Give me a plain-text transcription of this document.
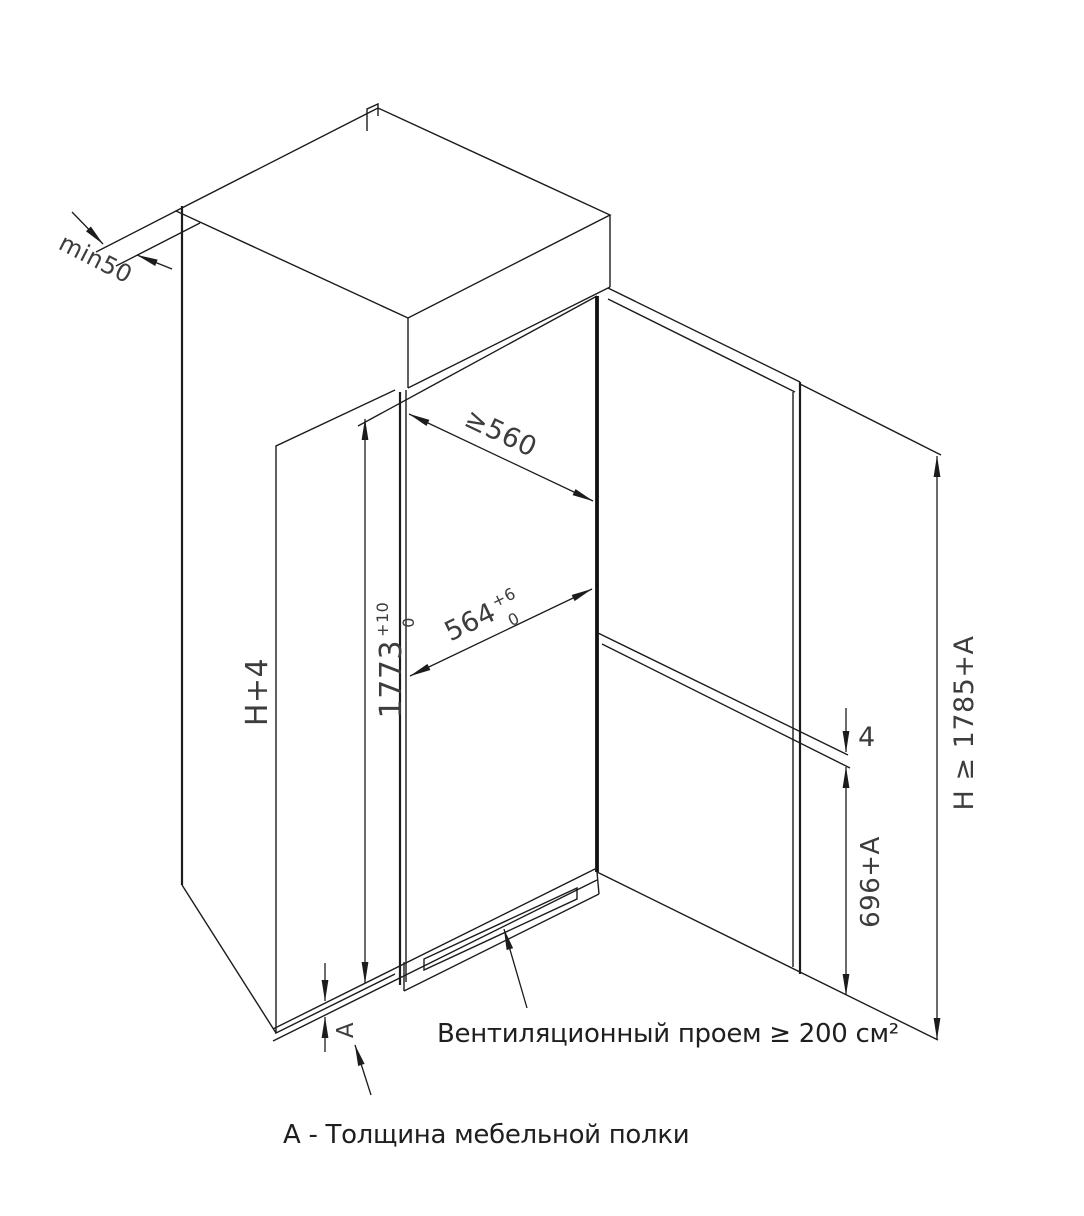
min50
H+4	$1773^{+10}$ 0
≥560
$564^{+6}0$
4
696+A
H ≥ 1785+A
А	Вентиляционный проем ≥ 200 см²
А - Толщина мебельной полки
